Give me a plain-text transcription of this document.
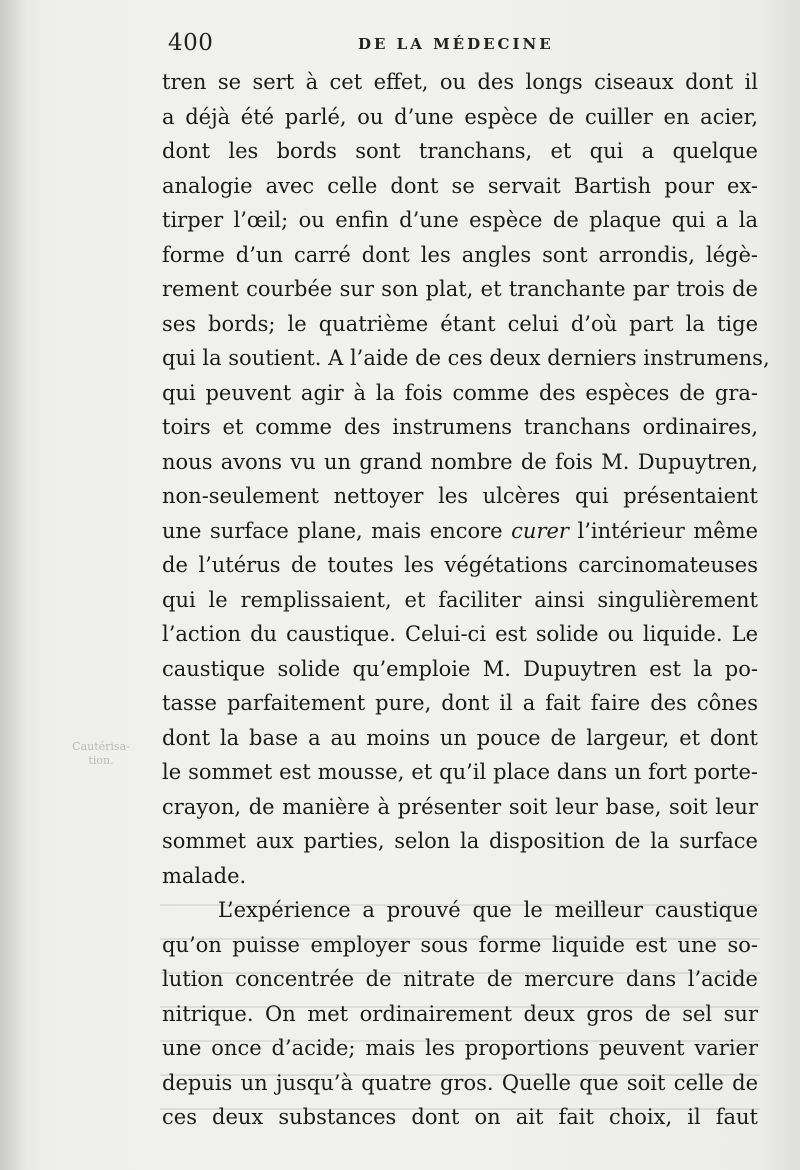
400	DE LA MÉDECINE
Cautérisa-tion.
tren se sert à cet effet, ou des longs ciseaux dont il
a déjà été parlé, ou d’une espèce de cuiller en acier,
dont les bords sont tranchans, et qui a quelque
analogie avec celle dont se servait Bartish pour ex-
tirper l’œil; ou enfin d’une espèce de plaque qui a la
forme d’un carré dont les angles sont arrondis, légè-
rement courbée sur son plat, et tranchante par trois de
ses bords; le quatrième étant celui d’où part la tige
qui la soutient. A l’aide de ces deux derniers instrumens,
qui peuvent agir à la fois comme des espèces de gra-
toirs et comme des instrumens tranchans ordinaires,
nous avons vu un grand nombre de fois M. Dupuytren,
non-seulement nettoyer les ulcères qui présentaient
une surface plane, mais encore curer l’intérieur même
de l’utérus de toutes les végétations carcinomateuses
qui le remplissaient, et faciliter ainsi singulièrement
l’action du caustique. Celui-ci est solide ou liquide. Le
caustique solide qu’emploie M. Dupuytren est la po-
tasse parfaitement pure, dont il a fait faire des cônes
dont la base a au moins un pouce de largeur, et dont
le sommet est mousse, et qu’il place dans un fort porte-
crayon, de manière à présenter soit leur base, soit leur
sommet aux parties, selon la disposition de la surface
malade.
L’expérience a prouvé que le meilleur caustique
qu’on puisse employer sous forme liquide est une so-
lution concentrée de nitrate de mercure dans l’acide
nitrique. On met ordinairement deux gros de sel sur
une once d’acide; mais les proportions peuvent varier
depuis un jusqu’à quatre gros. Quelle que soit celle de
ces deux substances dont on ait fait choix, il faut
